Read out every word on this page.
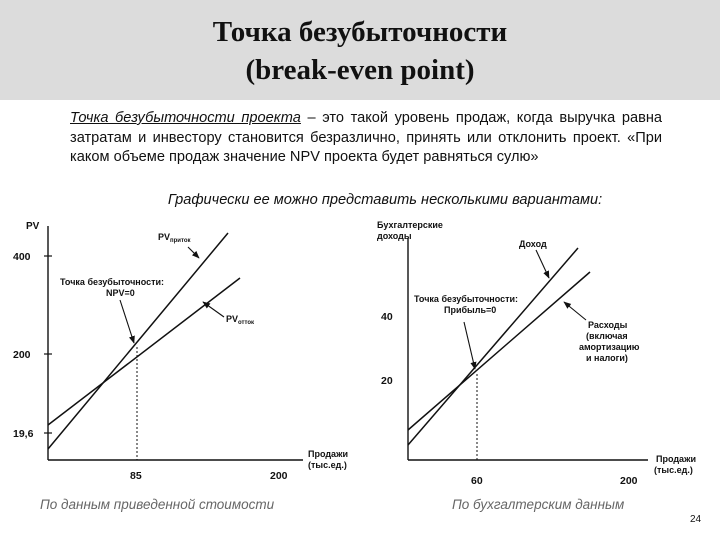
Точка безубыточности
(break-even point)
Точка безубыточности проекта – это такой уровень продаж, когда выручка равна затратам и инвестору становится безразлично, принять или отклонить проект. «При каком объеме продаж значение NPV проекта будет равняться сулю»
Графически ее можно представить несколькими вариантами:
PV
400
200
19,6
85	200
Продажи
(тыс.ед.)
$PV_{приток}$
$PV_{отток}$
Точка безубыточности:
NPV=0
Бухгалтерские
доходы
40
20
60	200
Продажи
(тыс.ед.)
Доход
Расходы
(включая
амортизацию
и налоги)
Точка безубыточности:
Прибыль=0
По данным приведенной стоимости	По бухгалтерским данным
24
